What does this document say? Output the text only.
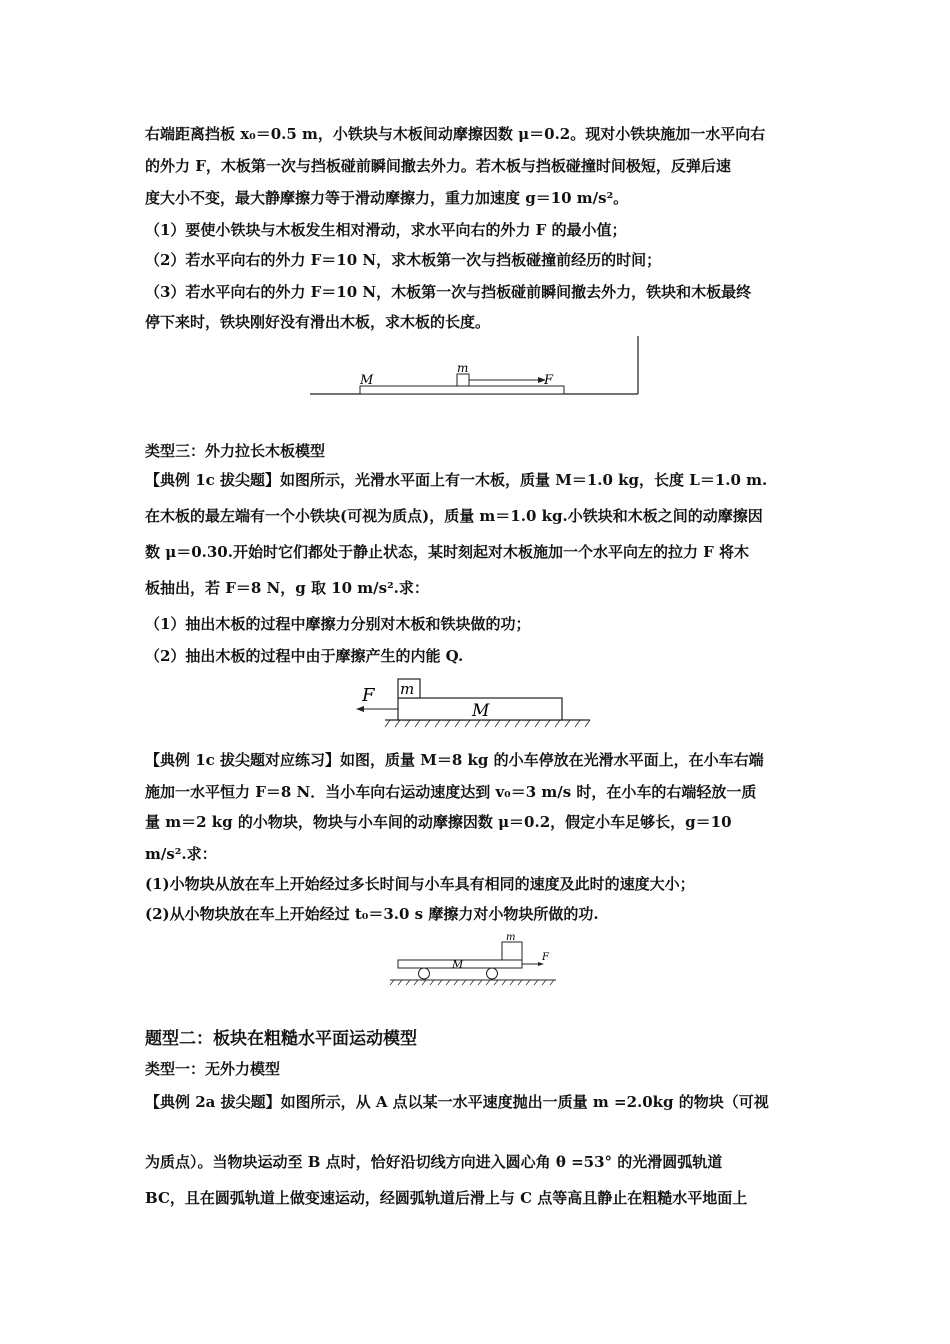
右端距离挡板 x₀＝0.5 m，小铁块与木板间动摩擦因数 μ＝0.2。现对小铁块施加一水平向右
的外力 F，木板第一次与挡板碰前瞬间撤去外力。若木板与挡板碰撞时间极短，反弹后速
度大小不变，最大静摩擦力等于滑动摩擦力，重力加速度 g＝10 m/s²。
（1）要使小铁块与木板发生相对滑动，求水平向右的外力 F 的最小值；
（2）若水平向右的外力 F＝10 N，求木板第一次与挡板碰撞前经历的时间；
（3）若水平向右的外力 F＝10 N，木板第一次与挡板碰前瞬间撤去外力，铁块和木板最终
停下来时，铁块刚好没有滑出木板，求木板的长度。
M
m
F
类型三：外力拉长木板模型
【典例 1c 拔尖题】如图所示，光滑水平面上有一木板，质量 M＝1.0 kg，长度 L＝1.0 m.
在木板的最左端有一个小铁块(可视为质点)，质量 m＝1.0 kg.小铁块和木板之间的动摩擦因
数 μ＝0.30.开始时它们都处于静止状态，某时刻起对木板施加一个水平向左的拉力 F 将木
板抽出，若 F＝8 N，g 取 10 m/s².求：
（1）抽出木板的过程中摩擦力分别对木板和铁块做的功；
（2）抽出木板的过程中由于摩擦产生的内能 Q.
F m
M
【典例 1c 拔尖题对应练习】如图，质量 M＝8 kg 的小车停放在光滑水平面上，在小车右端
施加一水平恒力 F＝8 N．当小车向右运动速度达到 v₀＝3 m/s 时，在小车的右端轻放一质
量 m＝2 kg 的小物块，物块与小车间的动摩擦因数 μ＝0.2，假定小车足够长，g＝10
m/s².求：
(1)小物块从放在车上开始经过多长时间与小车具有相同的速度及此时的速度大小；
(2)从小物块放在车上开始经过 t₀＝3.0 s 摩擦力对小物块所做的功.
m
M
F
题型二：板块在粗糙水平面运动模型
类型一：无外力模型
【典例 2a 拔尖题】如图所示，从 A 点以某一水平速度抛出一质量 m =2.0kg 的物块（可视
为质点）。当物块运动至 B 点时，恰好沿切线方向进入圆心角 θ =53° 的光滑圆弧轨道
BC，且在圆弧轨道上做变速运动，经圆弧轨道后滑上与 C 点等高且静止在粗糙水平地面上
